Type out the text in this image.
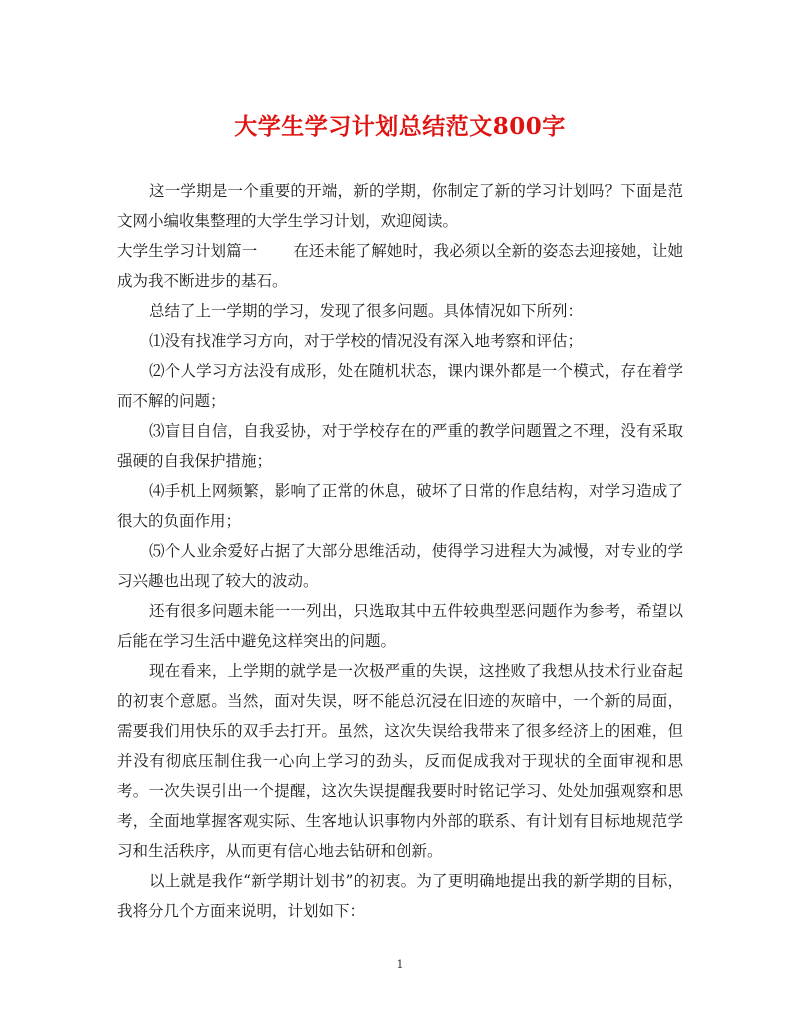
大学生学习计划总结范文800字

这一学期是一个重要的开端，新的学期，你制定了新的学习计划吗？下面是范文网小编收集整理的大学生学习计划，欢迎阅读。

大学生学习计划篇一 在还未能了解她时，我必须以全新的姿态去迎接她，让她成为我不断进步的基石。

总结了上一学期的学习，发现了很多问题。具体情况如下所列：

⑴没有找准学习方向，对于学校的情况没有深入地考察和评估；

⑵个人学习方法没有成形，处在随机状态，课内课外都是一个模式，存在着学而不解的问题；

⑶盲目自信，自我妥协，对于学校存在的严重的教学问题置之不理，没有采取强硬的自我保护措施；

⑷手机上网频繁，影响了正常的休息，破坏了日常的作息结构，对学习造成了很大的负面作用；

⑸个人业余爱好占据了大部分思维活动，使得学习进程大为减慢，对专业的学习兴趣也出现了较大的波动。

还有很多问题未能一一列出，只选取其中五件较典型恶问题作为参考，希望以后能在学习生活中避免这样突出的问题。

现在看来，上学期的就学是一次极严重的失误，这挫败了我想从技术行业奋起的初衷个意愿。当然，面对失误，呀不能总沉浸在旧迹的灰暗中，一个新的局面，需要我们用快乐的双手去打开。虽然，这次失误给我带来了很多经济上的困难，但并没有彻底压制住我一心向上学习的劲头，反而促成我对于现状的全面审视和思考。一次失误引出一个提醒，这次失误提醒我要时时铭记学习、处处加强观察和思考，全面地掌握客观实际、生客地认识事物内外部的联系、有计划有目标地规范学习和生活秩序，从而更有信心地去钻研和创新。

以上就是我作“新学期计划书”的初衷。为了更明确地提出我的新学期的目标，我将分几个方面来说明，计划如下：

1
